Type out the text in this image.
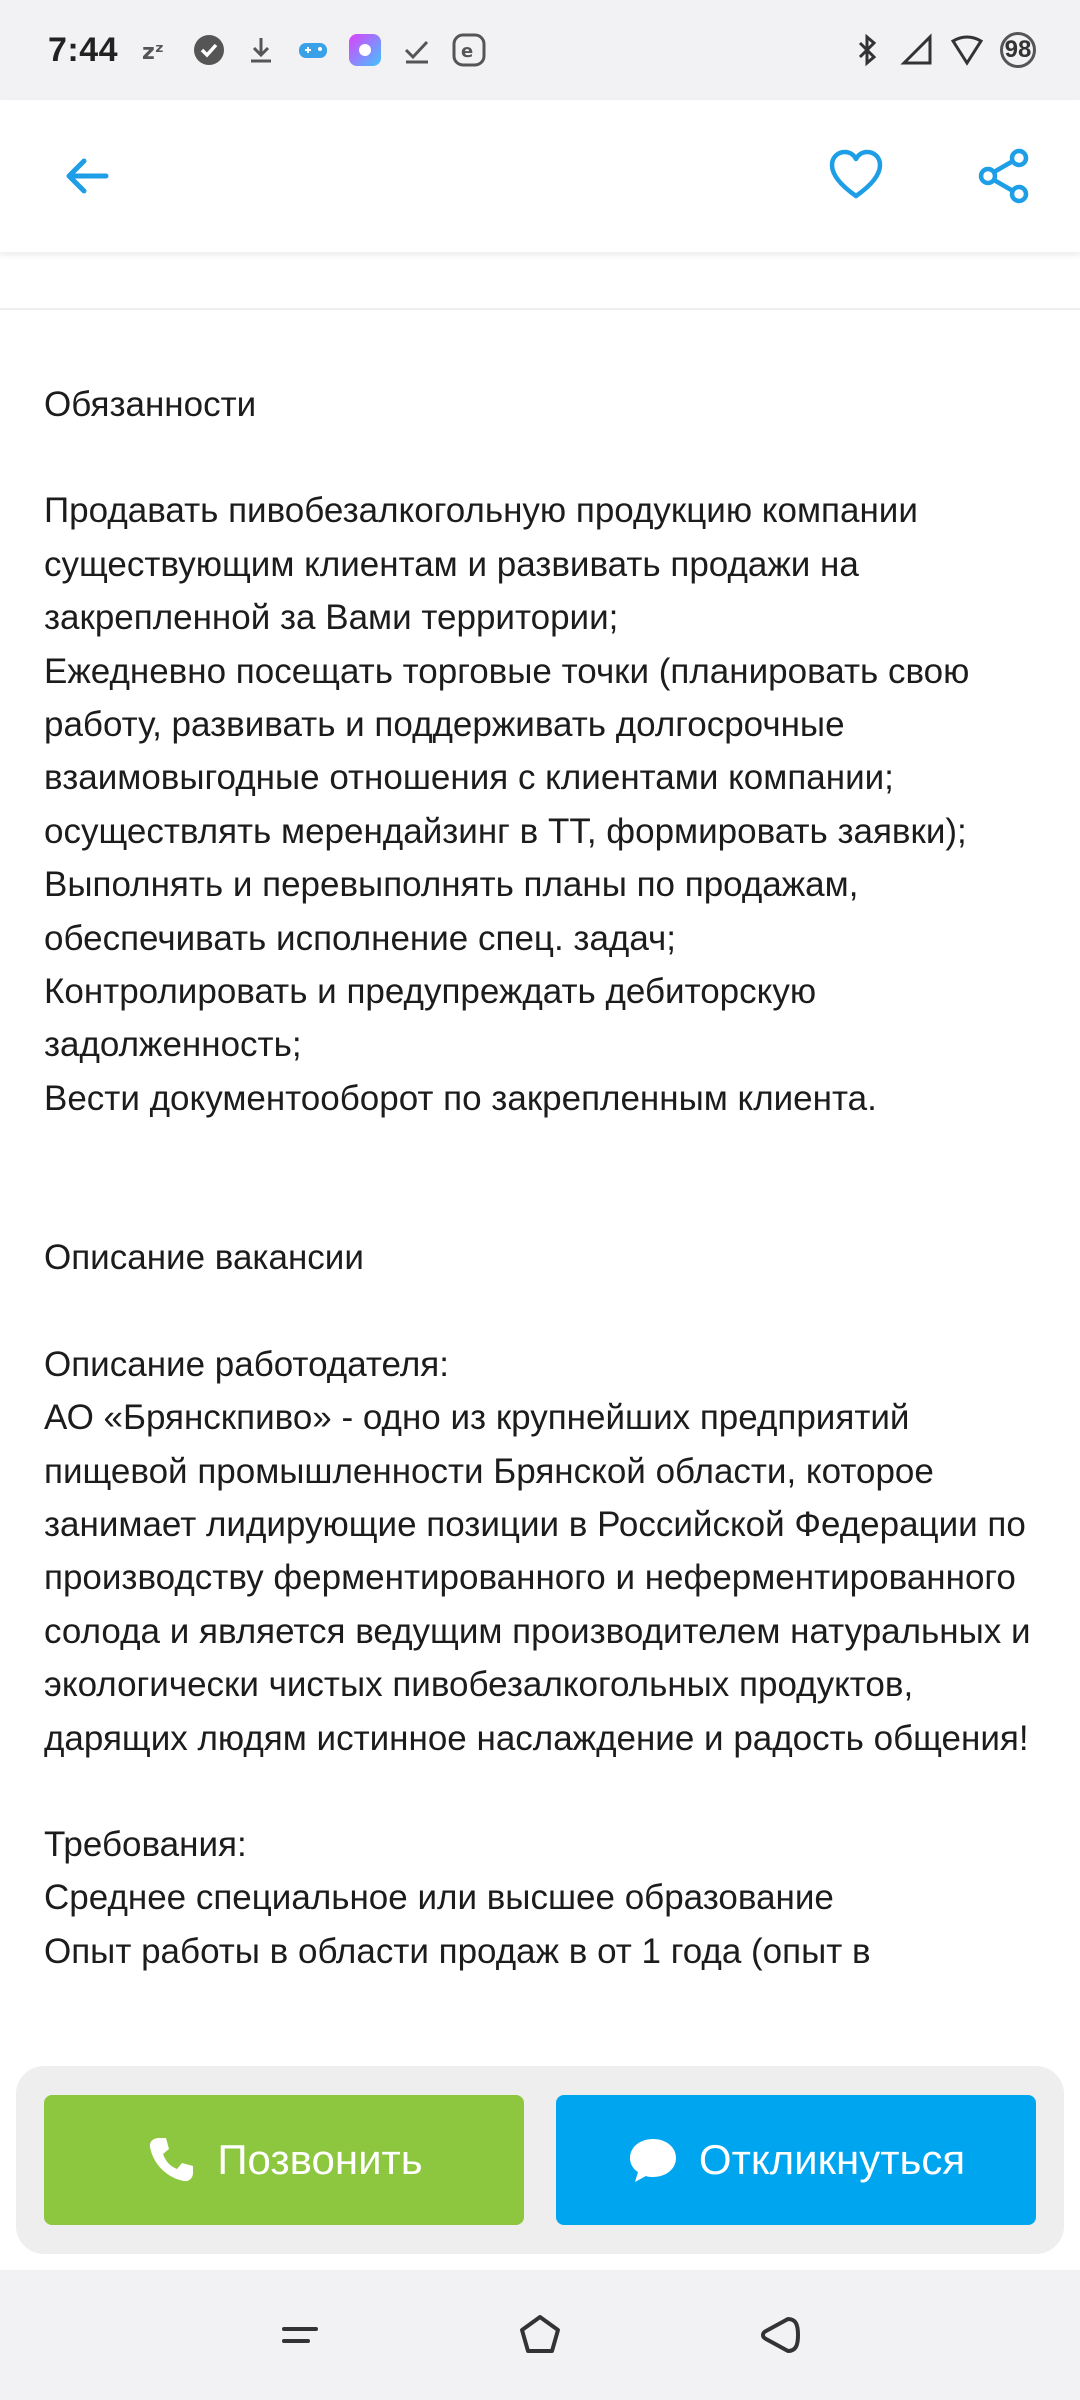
7:44 zᶻ	e	98
Обязанности
Продавать пивобезалкогольную продукцию компании существующим клиентам и развивать продажи на закрепленной за Вами территории;
Ежедневно посещать торговые точки (планировать свою работу, развивать и поддерживать долгосрочные взаимовыгодные отношения с клиентами компании; осуществлять мерендайзинг в ТТ, формировать заявки);
Выполнять и перевыполнять планы по продажам, обеспечивать исполнение спец. задач;
Контролировать и предупреждать дебиторскую задолженность;
Вести документооборот по закрепленным клиента.
Описание вакансии
Описание работодателя:
АО «Брянскпиво» - одно из крупнейших предприятий пищевой промышленности Брянской области, которое занимает лидирующие позиции в Российской Федерации по производству ферментированного и неферментированного солода и является ведущим производителем натуральных и экологически чистых пивобезалкогольных продуктов, дарящих людям истинное наслаждение и радость общения!
Требования:
Среднее специальное или высшее образование
Опыт работы в области продаж в от 1 года (опыт в
Позвонить	Откликнуться
